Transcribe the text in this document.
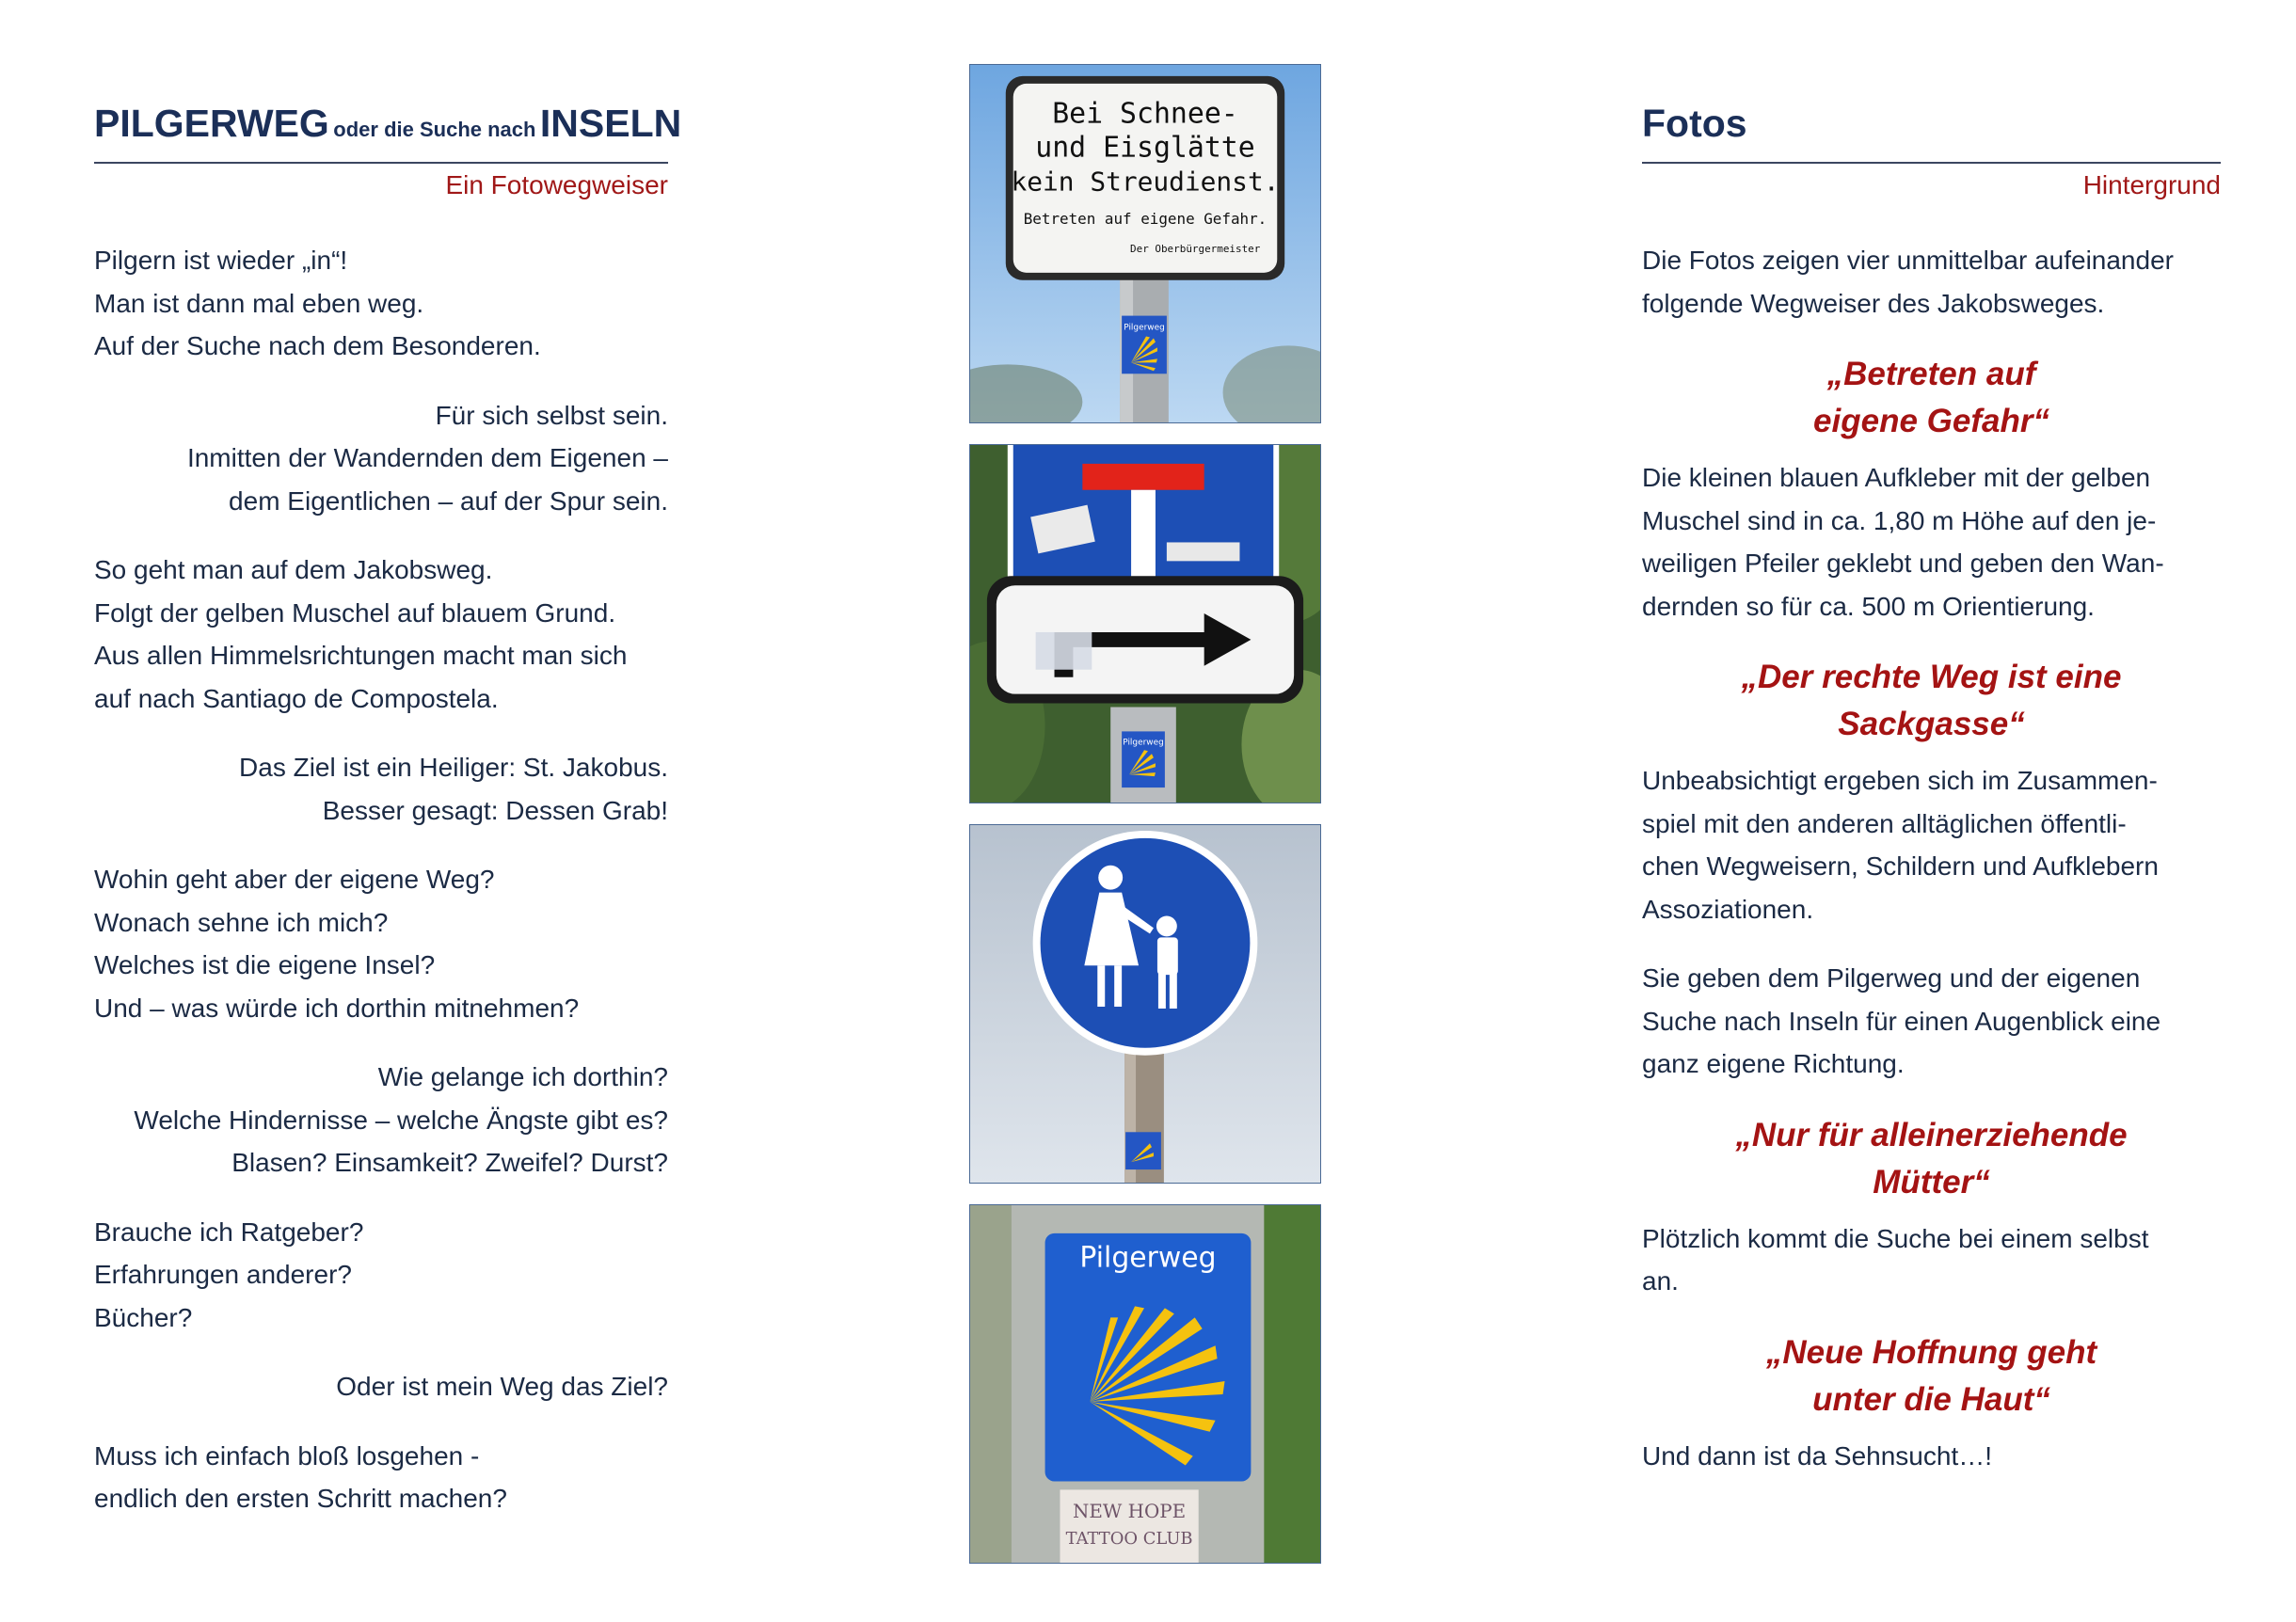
PILGERWEG oder die Suche nach INSELN
Ein Fotowegweiser
Pilgern ist wieder „in“!
Man ist dann mal eben weg.
Auf der Suche nach dem Besonderen.
Für sich selbst sein.
Inmitten der Wandernden dem Eigenen –
dem Eigentlichen – auf der Spur sein.
So geht man auf dem Jakobsweg.
Folgt der gelben Muschel auf blauem Grund.
Aus allen Himmelsrichtungen macht man sich
auf nach Santiago de Compostela.
Das Ziel ist ein Heiliger: St. Jakobus.
Besser gesagt: Dessen Grab!
Wohin geht aber der eigene Weg?
Wonach sehne ich mich?
Welches ist die eigene Insel?
Und – was würde ich dorthin mitnehmen?
Wie gelange ich dorthin?
Welche Hindernisse – welche Ängste gibt es?
Blasen? Einsamkeit? Zweifel? Durst?
Brauche ich Ratgeber?
Erfahrungen anderer?
Bücher?
Oder ist mein Weg das Ziel?
Muss ich einfach bloß losgehen -
endlich den ersten Schritt machen?
Bei Schnee-
und Eisglätte
kein Streudienst.
Betreten auf eigene Gefahr.
Der Oberbürgermeister
Pilgerweg
Pilgerweg
Pilgerweg
NEW HOPE
TATTOO CLUB
Fotos
Hintergrund
Die Fotos zeigen vier unmittelbar aufeinander
folgende Wegweiser des Jakobsweges.
„Betreten auf
eigene Gefahr“
Die kleinen blauen Aufkleber mit der gelben
Muschel sind in ca. 1,80 m Höhe auf den je-
weiligen Pfeiler geklebt und geben den Wan-
dernden so für ca. 500 m Orientierung.
„Der rechte Weg ist eine
Sackgasse“
Unbeabsichtigt ergeben sich im Zusammen-
spiel mit den anderen alltäglichen öffentli-
chen Wegweisern, Schildern und Aufklebern
Assoziationen.
Sie geben dem Pilgerweg und der eigenen
Suche nach Inseln für einen Augenblick eine
ganz eigene Richtung.
„Nur für alleinerziehende
Mütter“
Plötzlich kommt die Suche bei einem selbst
an.
„Neue Hoffnung geht
unter die Haut“
Und dann ist da Sehnsucht…!
